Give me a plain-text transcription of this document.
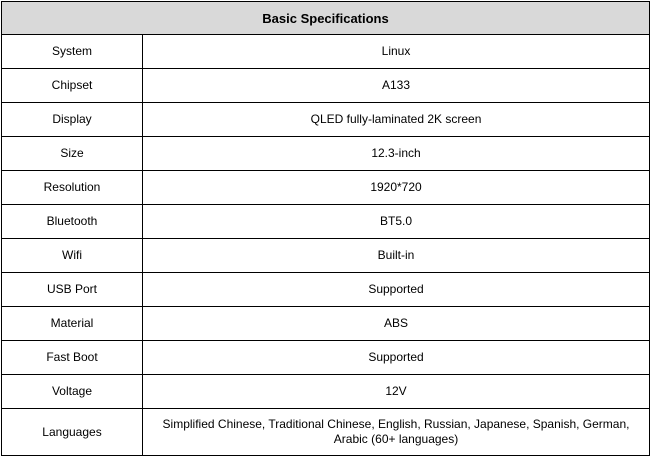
Basic Specifications	
System	Linux
Chipset	A133
Display	QLED fully-laminated 2K screen
Size	12.3-inch
Resolution	1920*720
Bluetooth	BT5.0
Wifi	Built-in
USB Port	Supported
Material	ABS
Fast Boot	Supported
Voltage	12V
Languages	Simplified Chinese, Traditional Chinese, English, Russian, Japanese, Spanish, German, Arabic (60+ languages)
